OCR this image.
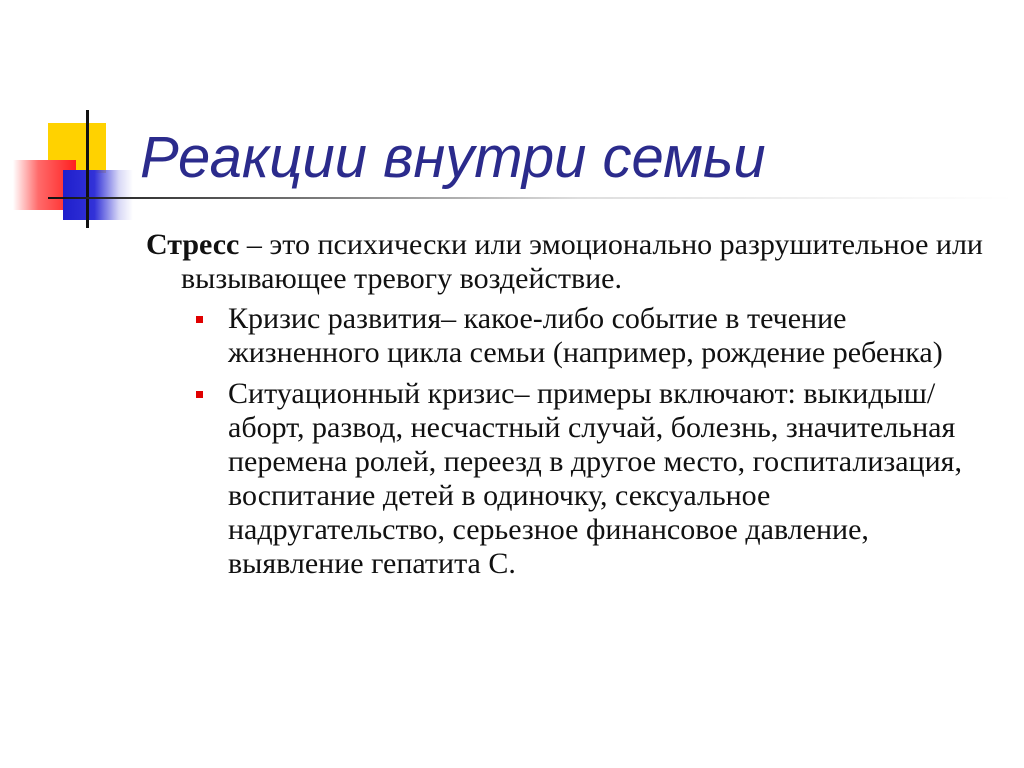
Реакции внутри семьи

Стресс – это психически или эмоционально разрушительное или вызывающее тревогу воздействие.

Кризис развития– какое-либо событие в течение жизненного цикла семьи (например, рождение ребенка)
Ситуационный кризис– примеры включают: выкидыш/аборт, развод, несчастный случай, болезнь, значительная перемена ролей, переезд в другое место, госпитализация, воспитание детей в одиночку, сексуальное надругательство, серьезное финансовое давление, выявление гепатита С.
